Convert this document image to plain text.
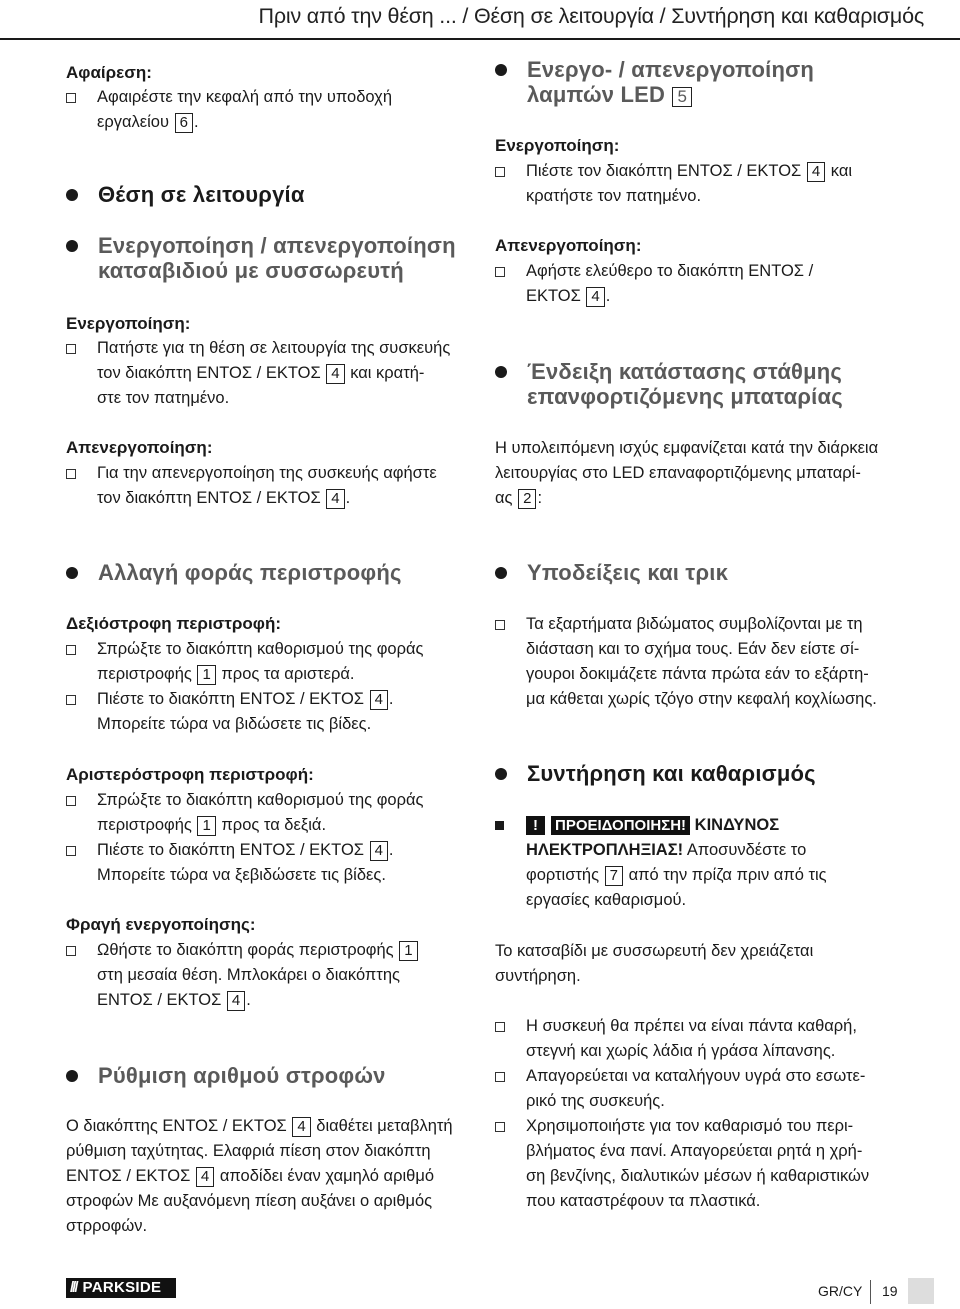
Πριν από την θέση ... / Θέση σε λειτουργία / Συντήρηση και καθαρισμός
Αφαίρεση:
Αφαιρέστε την κεφαλή από την υποδοχή
εργαλείου 6 .
Θέση σε λειτουργία
Ενεργοποίηση / απενεργοποίηση
κατσαβιδιού με συσσωρευτή
Ενεργοποίηση:
Πατήστε για τη θέση σε λειτουργία της συσκευής
τον διακόπτη ΕΝΤΟΣ / ΕΚΤΟΣ 4 και κρατή-
στε τον πατημένο.
Απενεργοποίηση:
Για την απενεργοποίηση της συσκευής αφήστε
τον διακόπτη ΕΝΤΟΣ / ΕΚΤΟΣ 4 .
Αλλαγή φοράς περιστροφής
Δεξιόστροφη περιστροφή:
Σπρώξτε το διακόπτη καθορισμού της φοράς
περιστροφής 1 προς τα αριστερά.
Πιέστε το διακόπτη ΕΝΤΟΣ / ΕΚΤΟΣ 4 .
Μπορείτε τώρα να βιδώσετε τις βίδες.
Αριστερόστροφη περιστροφή:
Σπρώξτε το διακόπτη καθορισμού της φοράς
περιστροφής 1 προς τα δεξιά.
Πιέστε το διακόπτη ΕΝΤΟΣ / ΕΚΤΟΣ 4 .
Μπορείτε τώρα να ξεβιδώσετε τις βίδες.
Φραγή ενεργοποίησης:
Ωθήστε το διακόπτη φοράς περιστροφής 1
στη μεσαία θέση. Μπλοκάρει ο διακόπτης
ΕΝΤΟΣ / ΕΚΤΟΣ 4 .
Ρύθμιση αριθμού στροφών
Ο διακόπτης ΕΝΤΟΣ / ΕΚΤΟΣ 4 διαθέτει μεταβλητή
ρύθμιση ταχύτητας. Ελαφριά πίεση στον διακόπτη
ΕΝΤΟΣ / ΕΚΤΟΣ 4 αποδίδει έναν χαμηλό αριθμό
στροφών Με αυξανόμενη πίεση αυξάνει ο αριθμός
στρροφών.
Ενεργο- / απενεργοποίηση
λαμπών LED 5
Ενεργοποίηση:
Πιέστε τον διακόπτη ΕΝΤΟΣ / ΕΚΤΟΣ 4 και
κρατήστε τον πατημένο.
Απενεργοποίηση:
Αφήστε ελεύθερο το διακόπτη ΕΝΤΟΣ /
ΕΚΤΟΣ 4 .
Ένδειξη κατάστασης στάθμης
επανφορτιζόμενης μπαταρίας
Η υπολειπόμενη ισχύς εμφανίζεται κατά την διάρκεια
λειτουργίας στο LED επαναφορτιζόμενης μπαταρί-
ας 2 :
Υποδείξεις και τρικ
Τα εξαρτήματα βιδώματος συμβολίζονται με τη
διάσταση και το σχήμα τους. Εάν δεν είστε σί-
γουροι δοκιμάζετε πάντα πρώτα εάν το εξάρτη-
μα κάθεται χωρίς τζόγο στην κεφαλή κοχλίωσης.
Συντήρηση και καθαρισμός
! ΠΡΟΕΙΔΟΠΟΙΗΣΗ! ΚΙΝΔΥΝΟΣ
ΗΛΕΚΤΡΟΠΛΗΞΙΑΣ! Αποσυνδέστε το
φορτιστής 7 από την πρίζα πριν από τις
εργασίες καθαρισμού.
Το κατσαβίδι με συσσωρευτή δεν χρειάζεται
συντήρηση.
Η συσκευή θα πρέπει να είναι πάντα καθαρή,
στεγνή και χωρίς λάδια ή γράσα λίπανσης.
Απαγορεύεται να καταλήγουν υγρά στο εσωτε-
ρικό της συσκευής.
Χρησιμοποιήστε για τον καθαρισμό του περι-
βλήματος ένα πανί. Απαγορεύεται ρητά η χρή-
ση βενζίνης, διαλυτικών μέσων ή καθαριστικών
που καταστρέφουν τα πλαστικά.
/// PARKSIDE	GR/CY 19
